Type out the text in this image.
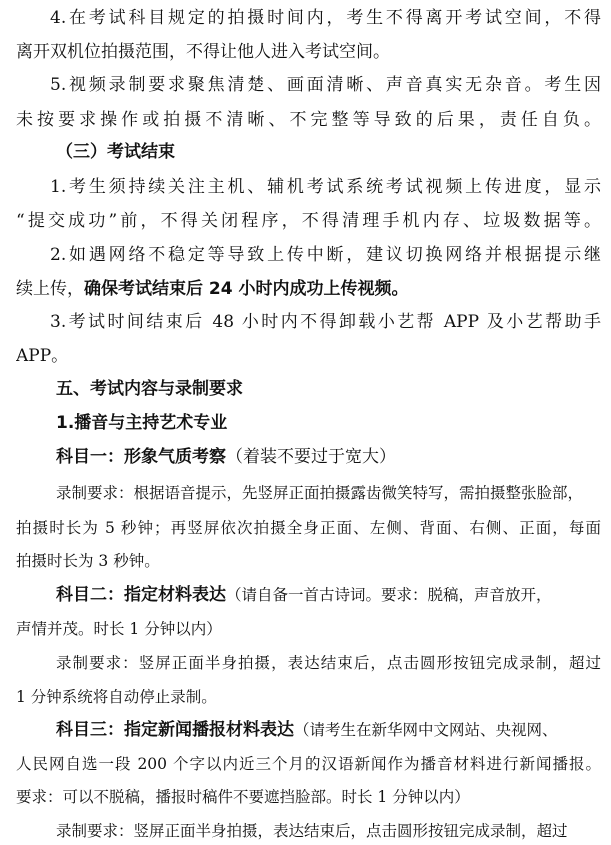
4.在考试科目规定的拍摄时间内，考生不得离开考试空间，不得
离开双机位拍摄范围，不得让他人进入考试空间。
5.视频录制要求聚焦清楚、画面清晰、声音真实无杂音。考生因
未按要求操作或拍摄不清晰、不完整等导致的后果，责任自负。
（三）考试结束
1.考生须持续关注主机、辅机考试系统考试视频上传进度，显示
“提交成功”前，不得关闭程序，不得清理手机内存、垃圾数据等。
2.如遇网络不稳定等导致上传中断，建议切换网络并根据提示继
续上传，确保考试结束后 24 小时内成功上传视频。
3.考试时间结束后 48 小时内不得卸载小艺帮 APP 及小艺帮助手
APP。
五、考试内容与录制要求
1.播音与主持艺术专业
科目一：形象气质考察（着装不要过于宽大）
录制要求：根据语音提示，先竖屏正面拍摄露齿微笑特写，需拍摄整张脸部，
拍摄时长为 5 秒钟；再竖屏依次拍摄全身正面、左侧、背面、右侧、正面，每面
拍摄时长为 3 秒钟。
科目二：指定材料表达（请自备一首古诗词。要求：脱稿，声音放开，
声情并茂。时长 1 分钟以内）
录制要求：竖屏正面半身拍摄，表达结束后，点击圆形按钮完成录制，超过
1 分钟系统将自动停止录制。
科目三：指定新闻播报材料表达（请考生在新华网中文网站、央视网、
人民网自选一段 200 个字以内近三个月的汉语新闻作为播音材料进行新闻播报。
要求：可以不脱稿，播报时稿件不要遮挡脸部。时长 1 分钟以内）
录制要求：竖屏正面半身拍摄，表达结束后，点击圆形按钮完成录制，超过
